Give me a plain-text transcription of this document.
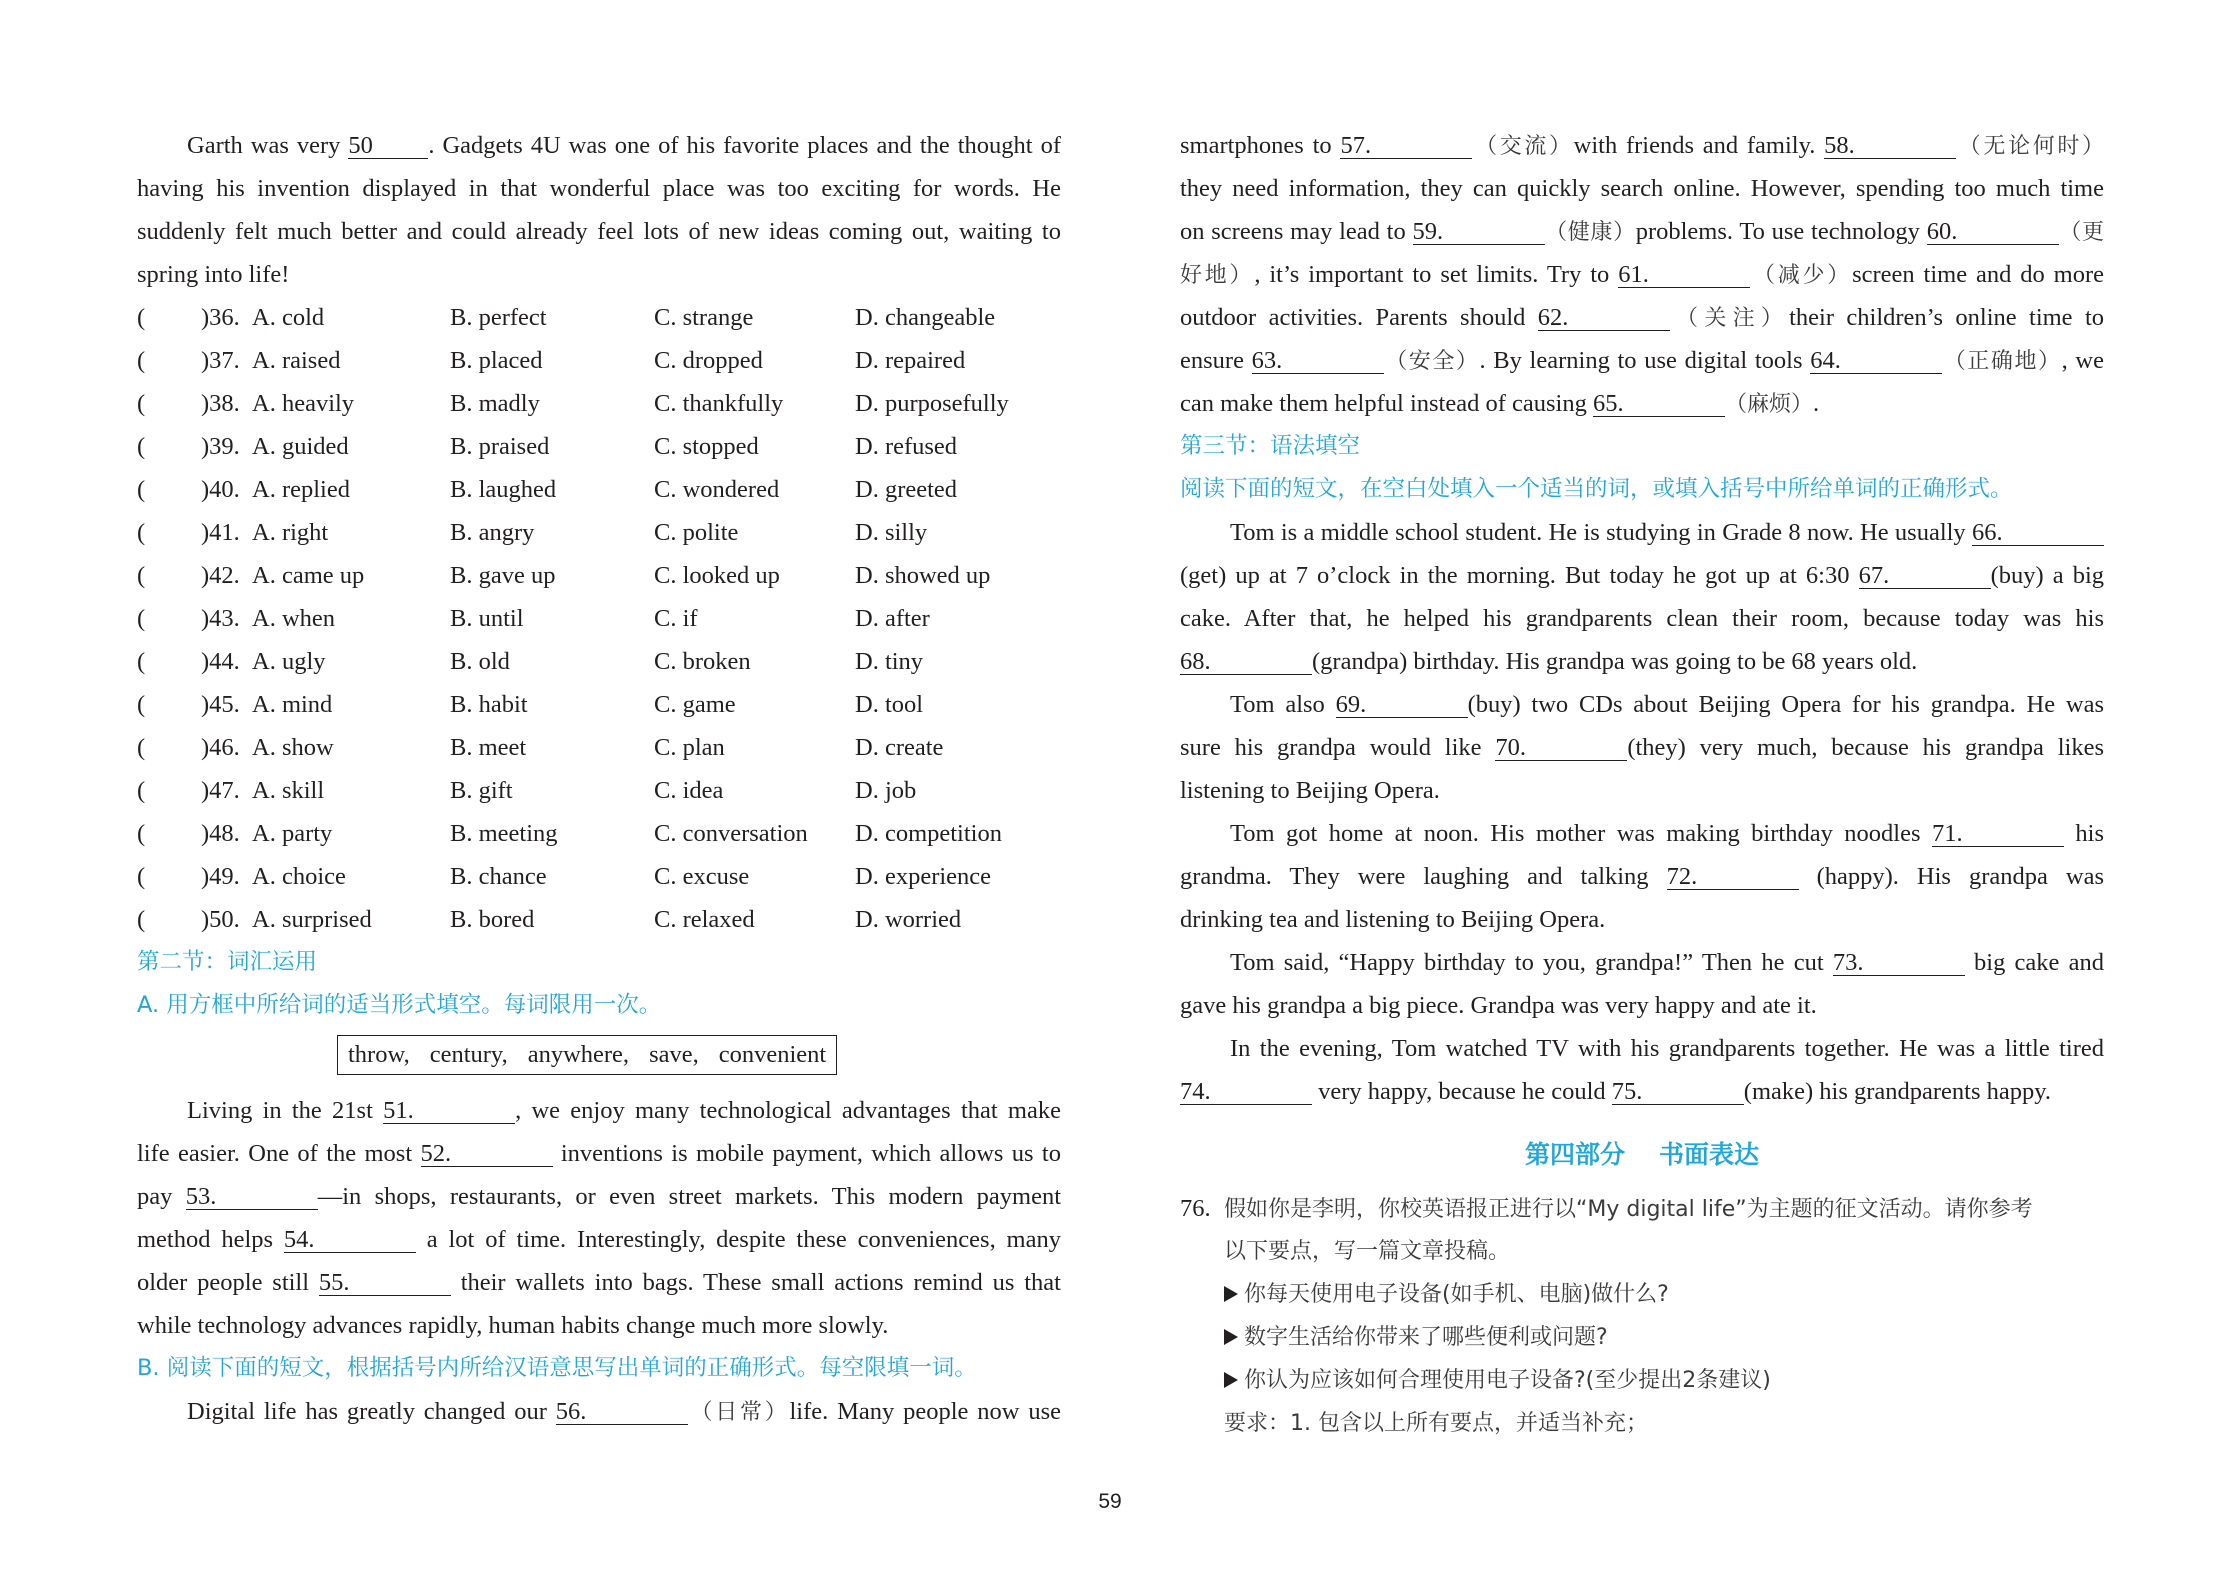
Garth was very 50 . Gadgets 4U was one of his favorite places and the thought of
having his invention displayed in that wonderful place was too exciting for words. He
suddenly felt much better and could already feel lots of new ideas coming out, waiting to
spring into life!
( )36. A. cold	B. perfect	C. strange	D. changeable
( )37. A. raised	B. placed	C. dropped	D. repaired
( )38. A. heavily	B. madly	C. thankfully	D. purposefully
( )39. A. guided	B. praised	C. stopped	D. refused
( )40. A. replied	B. laughed	C. wondered	D. greeted
( )41. A. right	B. angry	C. polite	D. silly
( )42. A. came up	B. gave up	C. looked up	D. showed up
( )43. A. when	B. until	C. if	D. after
( )44. A. ugly	B. old	C. broken	D. tiny
( )45. A. mind	B. habit	C. game	D. tool
( )46. A. show	B. meet	C. plan	D. create
( )47. A. skill	B. gift	C. idea	D. job
( )48. A. party	B. meeting	C. conversation D. competition
( )49. A. choice	B. chance	C. excuse	D. experience
( )50. A. surprised	B. bored	C. relaxed	D. worried
第二节：词汇运用
A. 用方框中所给词的适当形式填空。每词限用一次。
throw, century, anywhere, save, convenient
Living in the 21st 51.	, we enjoy many technological advantages that make
life easier. One of the most 52.	inventions is mobile payment, which allows us to
pay 53.	—in shops, restaurants, or even street markets. This modern payment
method helps 54.	a lot of time. Interestingly, despite these conveniences, many
older people still 55.	their wallets into bags. These small actions remind us that
while technology advances rapidly, human habits change much more slowly.
B. 阅读下面的短文，根据括号内所给汉语意思写出单词的正确形式。每空限填一词。
Digital life has greatly changed our 56.	（日常）life. Many people now use
smartphones to 57.	（交流）with friends and family. 58.	（无论何时）
they need information, they can quickly search online. However, spending too much time
on screens may lead to 59.	（健康）problems. To use technology 60.	（更
好地）, it’s important to set limits. Try to 61.	（减少）screen time and do more
outdoor activities. Parents should 62.	（关注）their children’s online time to
ensure 63.	（安全）. By learning to use digital tools 64.	（正确地）, we
can make them helpful instead of causing 65.	（麻烦）.
第三节：语法填空
阅读下面的短文，在空白处填入一个适当的词，或填入括号中所给单词的正确形式。
Tom is a middle school student. He is studying in Grade 8 now. He usually 66.
(get) up at 7 o’clock in the morning. But today he got up at 6:30 67.	(buy) a big
cake. After that, he helped his grandparents clean their room, because today was his
68.	(grandpa) birthday. His grandpa was going to be 68 years old.
Tom also 69.	(buy) two CDs about Beijing Opera for his grandpa. He was
sure his grandpa would like 70.	(they) very much, because his grandpa likes
listening to Beijing Opera.
Tom got home at noon. His mother was making birthday noodles 71.	his
grandma. They were laughing and talking 72.	(happy). His grandpa was
drinking tea and listening to Beijing Opera.
Tom said, “Happy birthday to you, grandpa!” Then he cut 73.	big cake and
gave his grandpa a big piece. Grandpa was very happy and ate it.
In the evening, Tom watched TV with his grandparents together. He was a little tired
74.	very happy, because he could 75.	(make) his grandparents happy.
第四部分 书面表达
76. 假如你是李明，你校英语报正进行以“My digital life”为主题的征文活动。请你参考
以下要点，写一篇文章投稿。
你每天使用电子设备(如手机、电脑)做什么?
数字生活给你带来了哪些便利或问题?
你认为应该如何合理使用电子设备?(至少提出2条建议)
要求：1. 包含以上所有要点，并适当补充；
59
